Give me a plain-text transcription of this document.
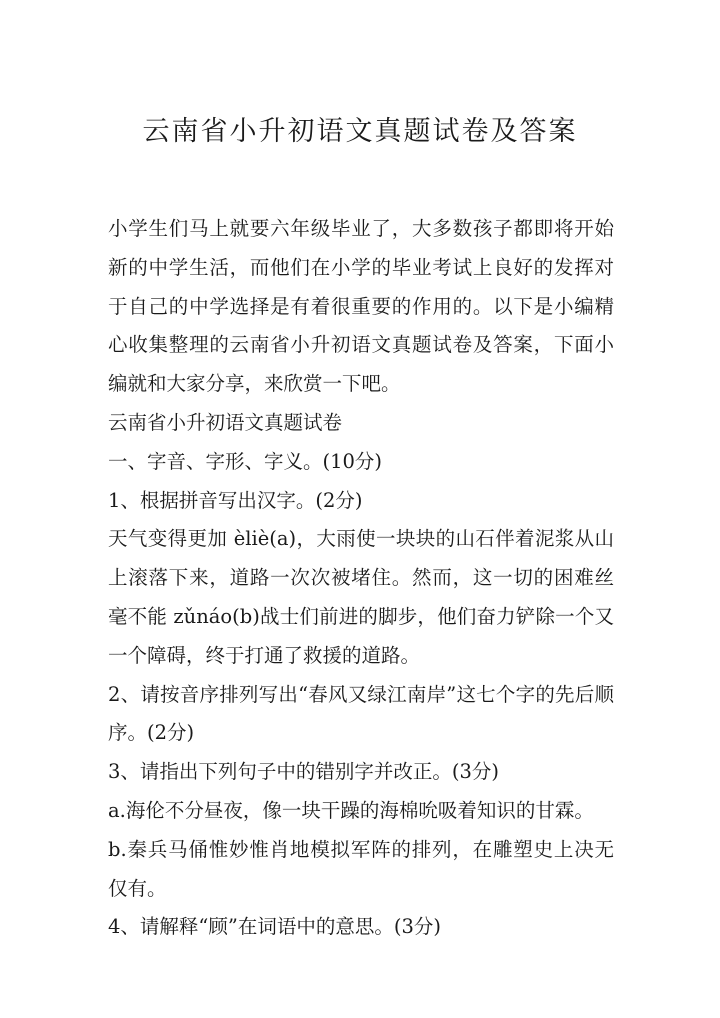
云南省小升初语文真题试卷及答案

小学生们马上就要六年级毕业了，大多数孩子都即将开始新的中学生活，而他们在小学的毕业考试上良好的发挥对于自己的中学选择是有着很重要的作用的。以下是小编精心收集整理的云南省小升初语文真题试卷及答案，下面小编就和大家分享，来欣赏一下吧。

云南省小升初语文真题试卷

一、字音、字形、字义。(10分)

1、根据拼音写出汉字。(2分)

天气变得更加 èliè(a)，大雨使一块块的山石伴着泥浆从山上滚落下来，道路一次次被堵住。然而，这一切的困难丝毫不能 zǔnáo(b)战士们前进的脚步，他们奋力铲除一个又一个障碍，终于打通了救援的道路。

2、请按音序排列写出“春风又绿江南岸”这七个字的先后顺序。(2分)

3、请指出下列句子中的错别字并改正。(3分)

a.海伦不分昼夜，像一块干躁的海棉吮吸着知识的甘霖。

b.秦兵马俑惟妙惟肖地模拟军阵的排列，在雕塑史上决无仅有。

4、请解释“顾”在词语中的意思。(3分)
